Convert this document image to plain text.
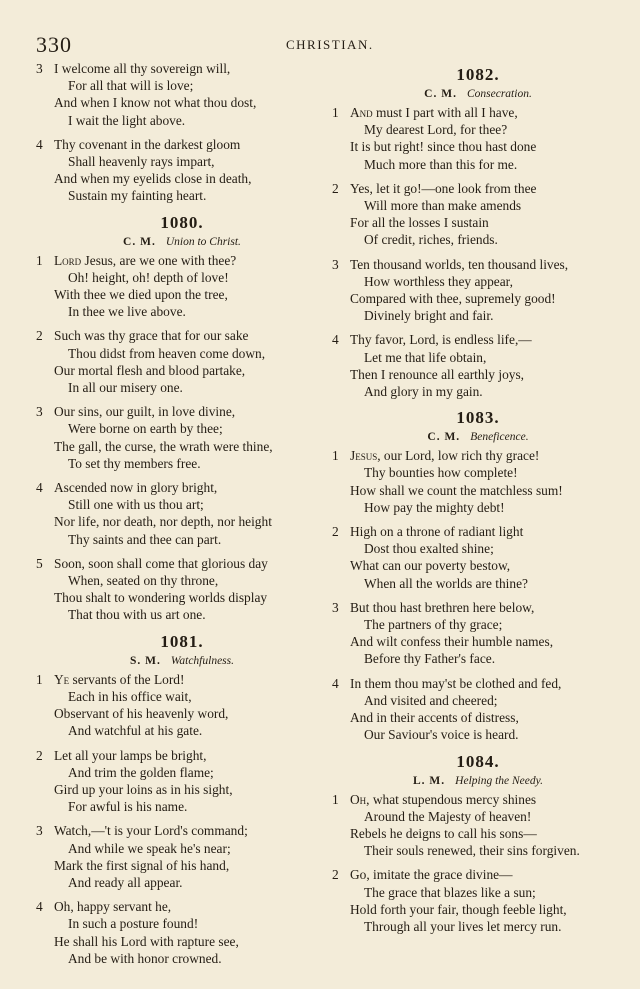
330	CHRISTIAN.
3 I welcome all thy sovereign will,
For all that will is love;
And when I know not what thou dost,
I wait the light above.
4 Thy covenant in the darkest gloom
Shall heavenly rays impart,
And when my eyelids close in death,
Sustain my fainting heart.
1080.
C. M. Union to Christ.
1 Lord Jesus, are we one with thee?
Oh! height, oh! depth of love!
With thee we died upon the tree,
In thee we live above.
2 Such was thy grace that for our sake
Thou didst from heaven come down,
Our mortal flesh and blood partake,
In all our misery one.
3 Our sins, our guilt, in love divine,
Were borne on earth by thee;
The gall, the curse, the wrath were thine,
To set thy members free.
4 Ascended now in glory bright,
Still one with us thou art;
Nor life, nor death, nor depth, nor height
Thy saints and thee can part.
5 Soon, soon shall come that glorious day
When, seated on thy throne,
Thou shalt to wondering worlds display
That thou with us art one.
1081.
S. M. Watchfulness.
1 Ye servants of the Lord!
Each in his office wait,
Observant of his heavenly word,
And watchful at his gate.
2 Let all your lamps be bright,
And trim the golden flame;
Gird up your loins as in his sight,
For awful is his name.
3 Watch,—'t is your Lord's command;
And while we speak he's near;
Mark the first signal of his hand,
And ready all appear.
4 Oh, happy servant he,
In such a posture found!
He shall his Lord with rapture see,
And be with honor crowned.
1082.
C. M. Consecration.
1 And must I part with all I have,
My dearest Lord, for thee?
It is but right! since thou hast done
Much more than this for me.
2 Yes, let it go!—one look from thee
Will more than make amends
For all the losses I sustain
Of credit, riches, friends.
3 Ten thousand worlds, ten thousand lives,
How worthless they appear,
Compared with thee, supremely good!
Divinely bright and fair.
4 Thy favor, Lord, is endless life,—
Let me that life obtain,
Then I renounce all earthly joys,
And glory in my gain.
1083.
C. M. Beneficence.
1 Jesus, our Lord, low rich thy grace!
Thy bounties how complete!
How shall we count the matchless sum!
How pay the mighty debt!
2 High on a throne of radiant light
Dost thou exalted shine;
What can our poverty bestow,
When all the worlds are thine?
3 But thou hast brethren here below,
The partners of thy grace;
And wilt confess their humble names,
Before thy Father's face.
4 In them thou may'st be clothed and fed,
And visited and cheered;
And in their accents of distress,
Our Saviour's voice is heard.
1084.
L. M. Helping the Needy.
1 Oh, what stupendous mercy shines
Around the Majesty of heaven!
Rebels he deigns to call his sons—
Their souls renewed, their sins forgiven.
2 Go, imitate the grace divine—
The grace that blazes like a sun;
Hold forth your fair, though feeble light,
Through all your lives let mercy run.
